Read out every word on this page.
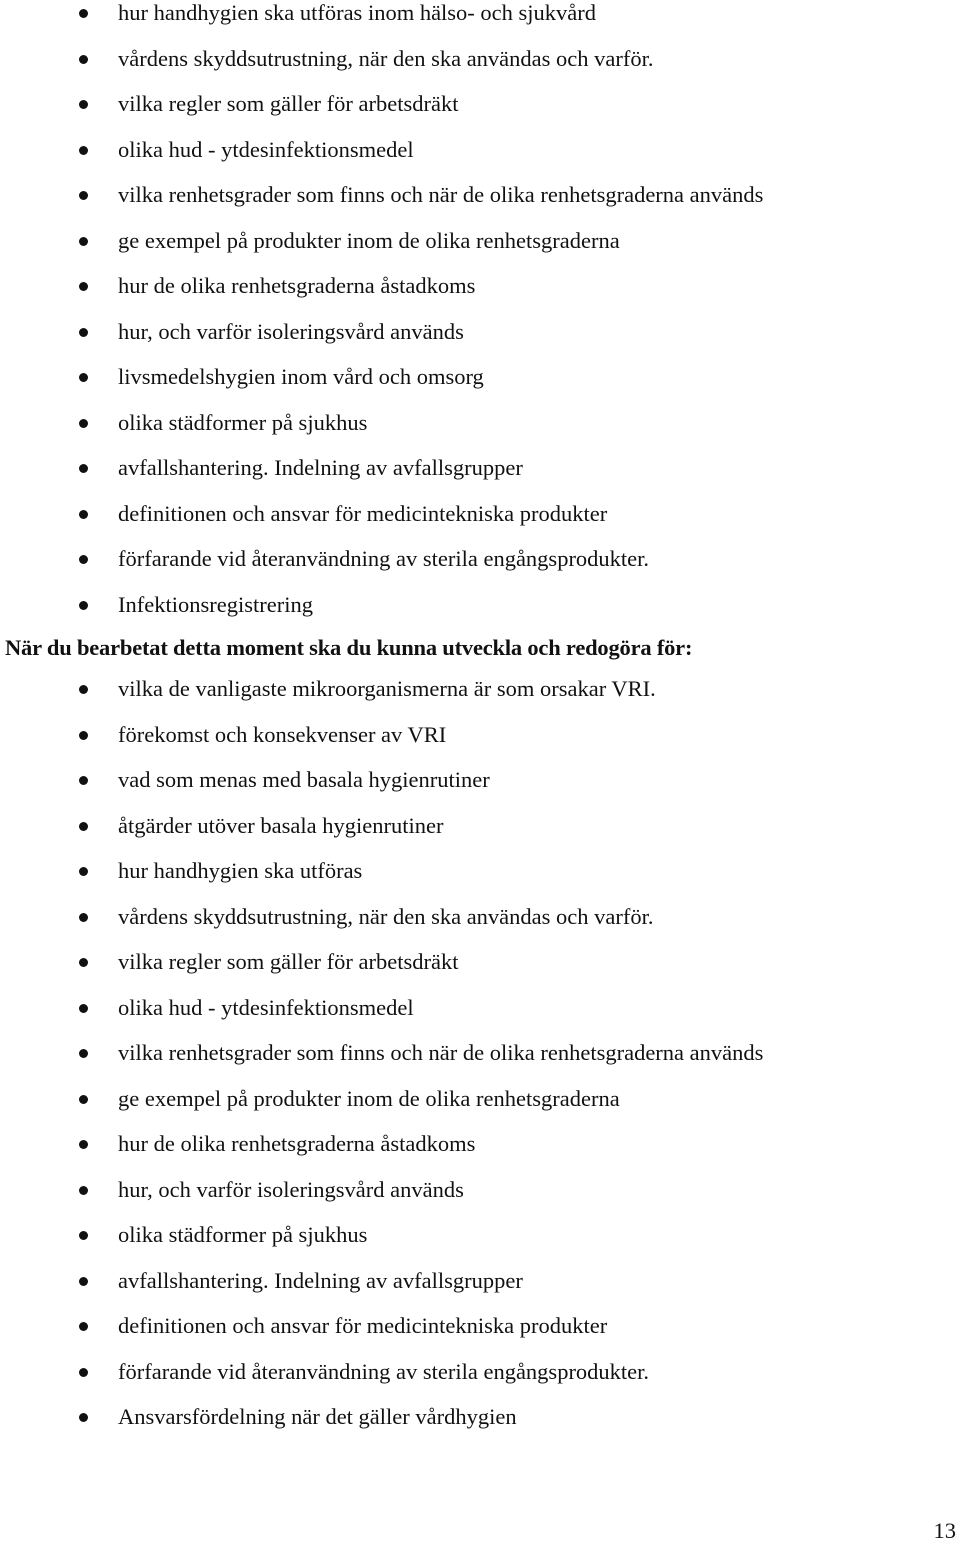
hur handhygien ska utföras inom hälso- och sjukvård
vårdens skyddsutrustning, när den ska användas och varför.
vilka regler som gäller för arbetsdräkt
olika hud - ytdesinfektionsmedel
vilka renhetsgrader som finns och när de olika renhetsgraderna används
ge exempel på produkter inom de olika renhetsgraderna
hur de olika renhetsgraderna åstadkoms
hur, och varför isoleringsvård används
livsmedelshygien inom vård och omsorg
olika städformer på sjukhus
avfallshantering. Indelning av avfallsgrupper
definitionen och ansvar för medicintekniska produkter
förfarande vid återanvändning av sterila engångsprodukter.
Infektionsregistrering
När du bearbetat detta moment ska du kunna utveckla och redogöra för:
vilka de vanligaste mikroorganismerna är som orsakar VRI.
förekomst och konsekvenser av VRI
vad som menas med basala hygienrutiner
åtgärder utöver basala hygienrutiner
hur handhygien ska utföras
vårdens skyddsutrustning, när den ska användas och varför.
vilka regler som gäller för arbetsdräkt
olika hud - ytdesinfektionsmedel
vilka renhetsgrader som finns och när de olika renhetsgraderna används
ge exempel på produkter inom de olika renhetsgraderna
hur de olika renhetsgraderna åstadkoms
hur, och varför isoleringsvård används
olika städformer på sjukhus
avfallshantering. Indelning av avfallsgrupper
definitionen och ansvar för medicintekniska produkter
förfarande vid återanvändning av sterila engångsprodukter.
Ansvarsfördelning när det gäller vårdhygien
13
